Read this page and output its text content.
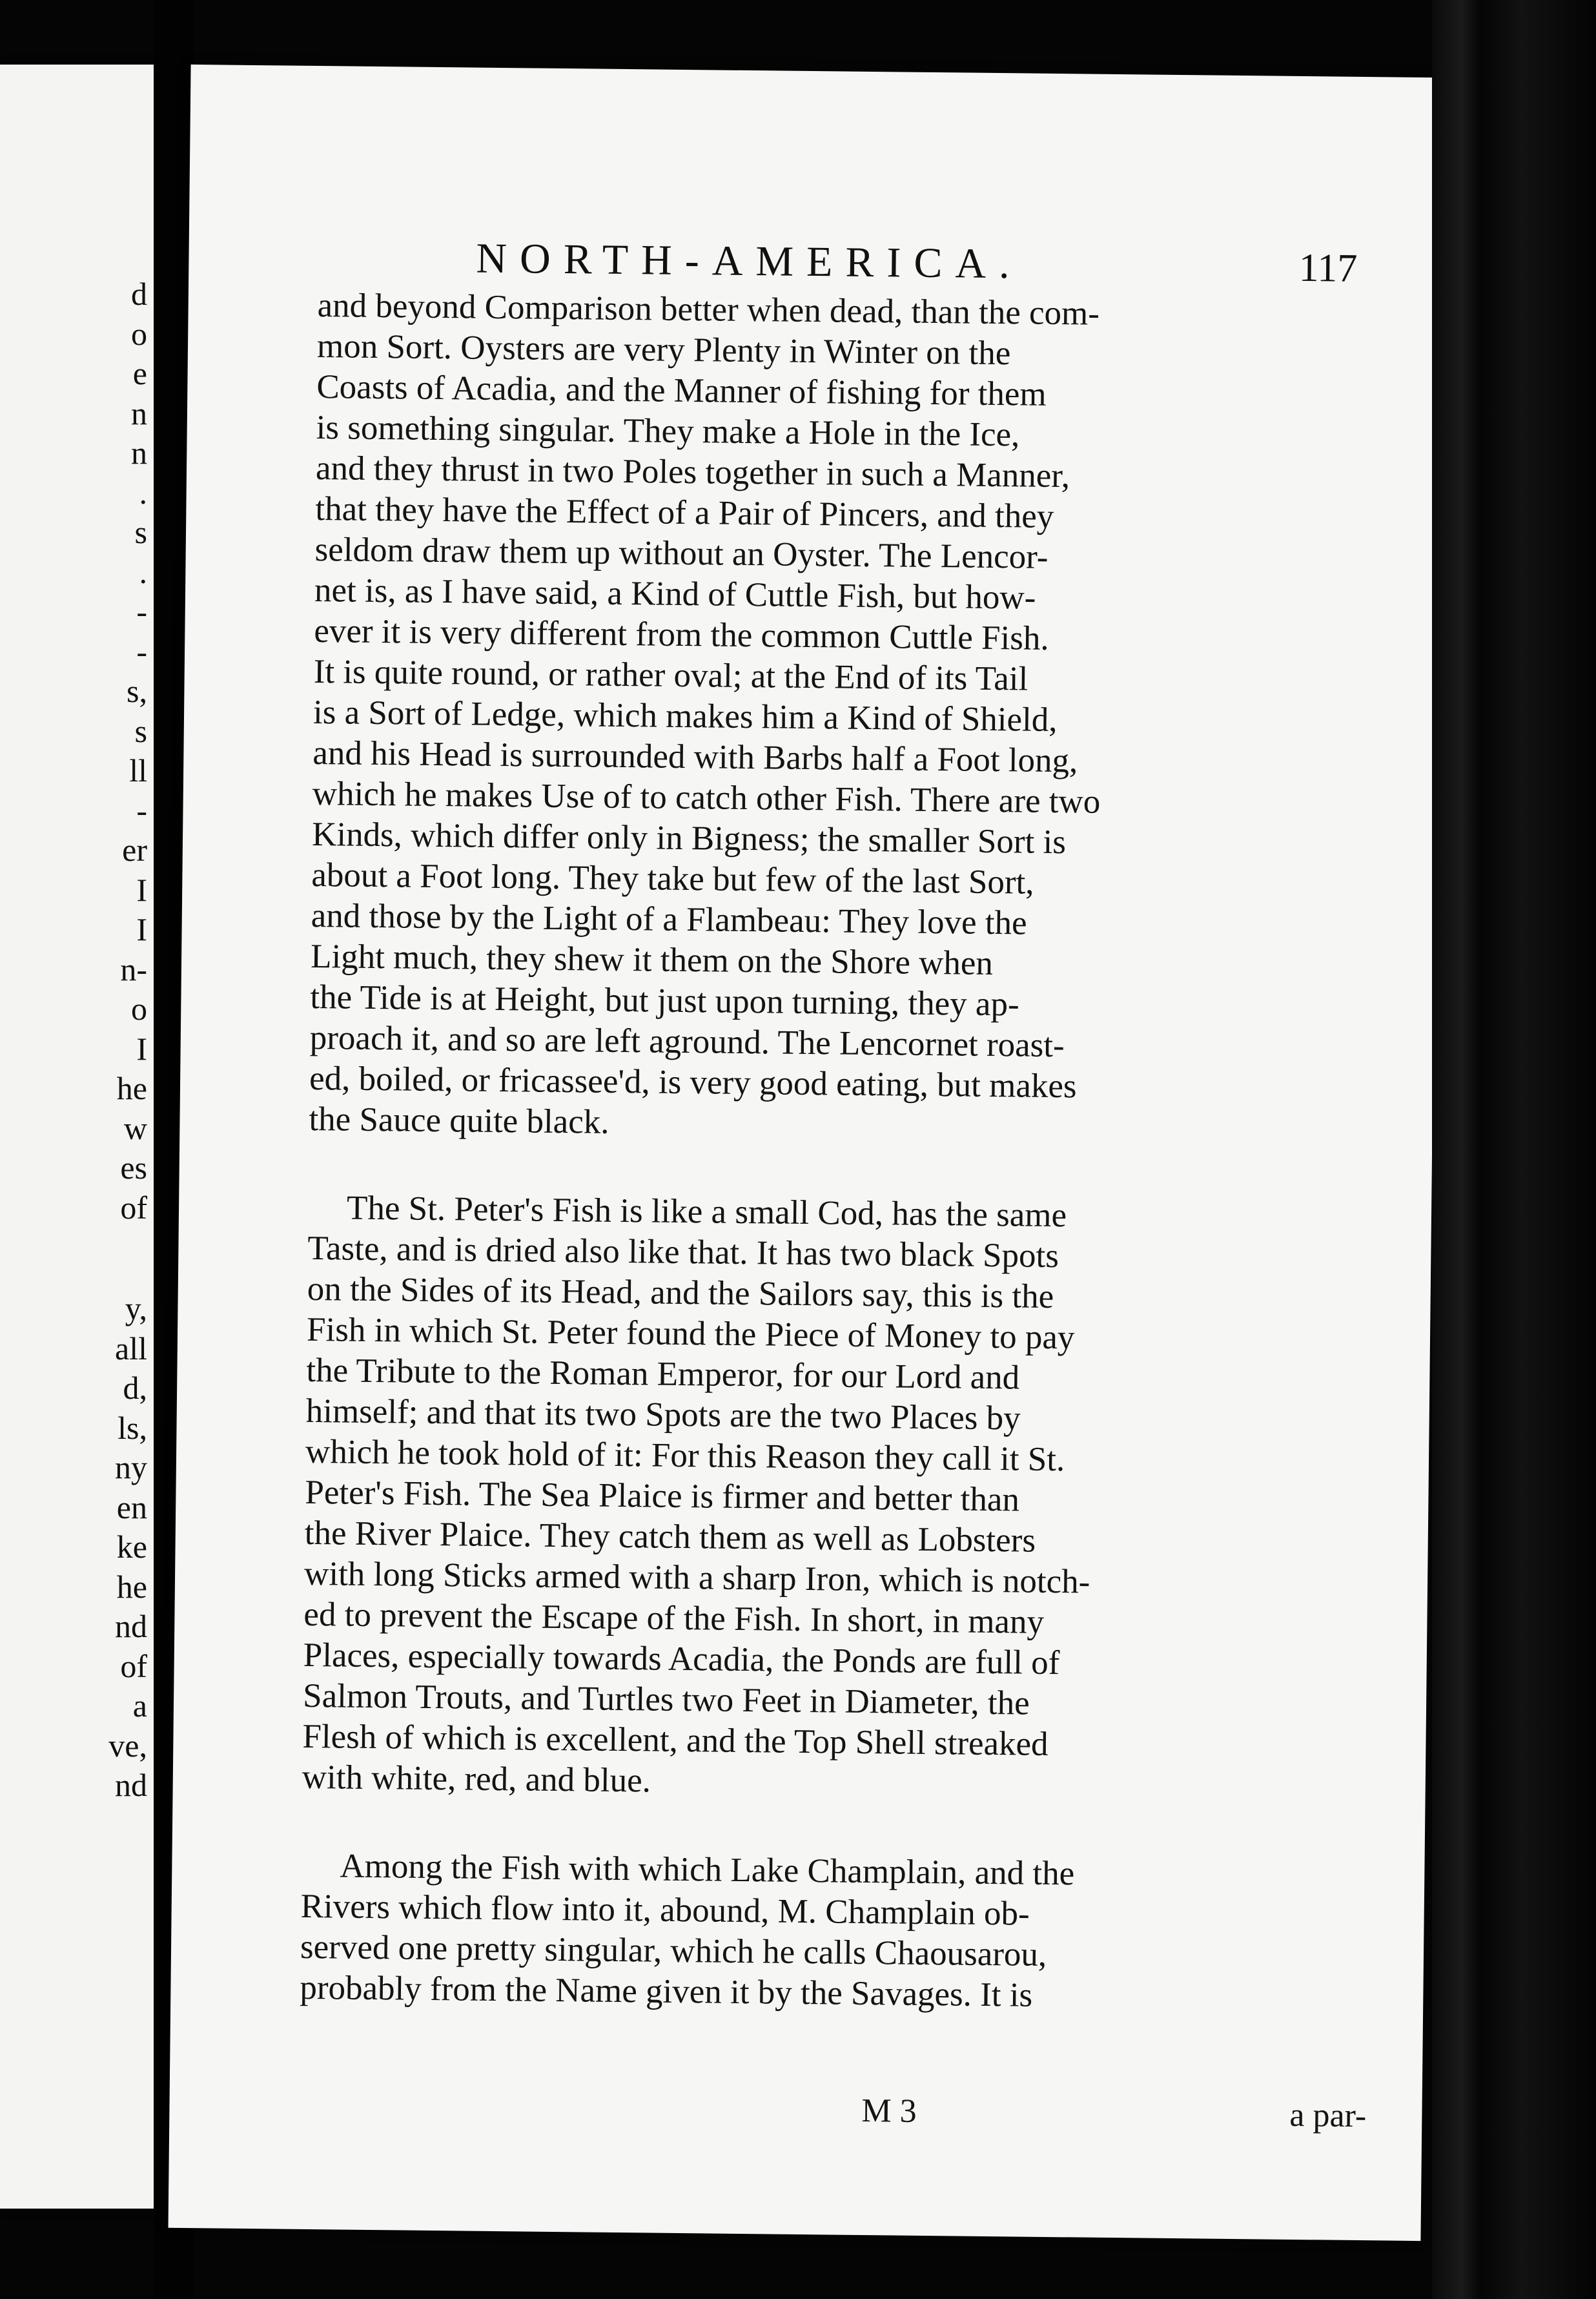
d
o
e
n
n
.
s
.
-
-
s,
s
ll
-
er
I
I
n-
o
I
he
w
es
of
y,
all
d,
ls,
ny
en
ke
he
nd
of
a
ve,
nd
NORTH-AMERICA.	117

and beyond Comparison better when dead, than the com-
mon Sort. Oysters are very Plenty in Winter on the
Coasts of Acadia, and the Manner of fishing for them
is something singular. They make a Hole in the Ice,
and they thrust in two Poles together in such a Manner,
that they have the Effect of a Pair of Pincers, and they
seldom draw them up without an Oyster. The Lencor-
net is, as I have said, a Kind of Cuttle Fish, but how-
ever it is very different from the common Cuttle Fish.
It is quite round, or rather oval; at the End of its Tail
is a Sort of Ledge, which makes him a Kind of Shield,
and his Head is surrounded with Barbs half a Foot long,
which he makes Use of to catch other Fish. There are two
Kinds, which differ only in Bigness; the smaller Sort is
about a Foot long. They take but few of the last Sort,
and those by the Light of a Flambeau: They love the
Light much, they shew it them on the Shore when
the Tide is at Height, but just upon turning, they ap-
proach it, and so are left aground. The Lencornet roast-
ed, boiled, or fricassee'd, is very good eating, but makes
the Sauce quite black.

The St. Peter's Fish is like a small Cod, has the same
Taste, and is dried also like that. It has two black Spots
on the Sides of its Head, and the Sailors say, this is the
Fish in which St. Peter found the Piece of Money to pay
the Tribute to the Roman Emperor, for our Lord and
himself; and that its two Spots are the two Places by
which he took hold of it: For this Reason they call it St.
Peter's Fish. The Sea Plaice is firmer and better than
the River Plaice. They catch them as well as Lobsters
with long Sticks armed with a sharp Iron, which is notch-
ed to prevent the Escape of the Fish. In short, in many
Places, especially towards Acadia, the Ponds are full of
Salmon Trouts, and Turtles two Feet in Diameter, the
Flesh of which is excellent, and the Top Shell streaked
with white, red, and blue.

Among the Fish with which Lake Champlain, and the
Rivers which flow into it, abound, M. Champlain ob-
served one pretty singular, which he calls Chaousarou,
probably from the Name given it by the Savages. It is

M 3	a par-
